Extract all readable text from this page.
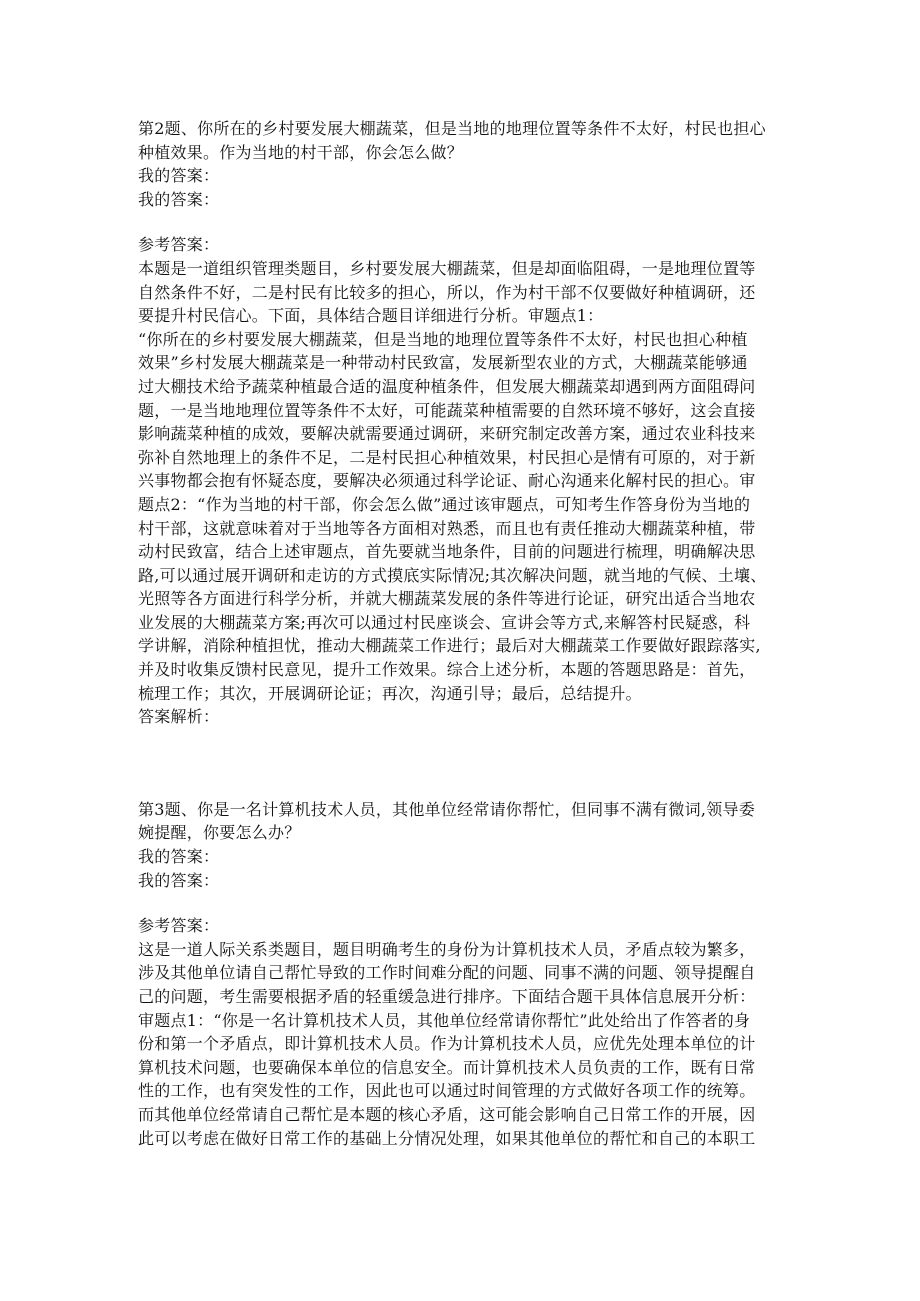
第2题、你所在的乡村要发展大棚蔬菜，但是当地的地理位置等条件不太好，村民也担心
种植效果。作为当地的村干部，你会怎么做？
我的答案：
我的答案：
参考答案：
本题是一道组织管理类题目，乡村要发展大棚蔬菜，但是却面临阻碍，一是地理位置等
自然条件不好，二是村民有比较多的担心，所以，作为村干部不仅要做好种植调研，还
要提升村民信心。下面，具体结合题目详细进行分析。审题点1：
“你所在的乡村要发展大棚蔬菜，但是当地的地理位置等条件不太好，村民也担心种植
效果”乡村发展大棚蔬菜是一种带动村民致富，发展新型农业的方式，大棚蔬菜能够通
过大棚技术给予蔬菜种植最合适的温度种植条件，但发展大棚蔬菜却遇到两方面阻碍问
题，一是当地地理位置等条件不太好，可能蔬菜种植需要的自然环境不够好，这会直接
影响蔬菜种植的成效，要解决就需要通过调研，来研究制定改善方案，通过农业科技来
弥补自然地理上的条件不足，二是村民担心种植效果，村民担心是情有可原的，对于新
兴事物都会抱有怀疑态度，要解决必须通过科学论证、耐心沟通来化解村民的担心。审
题点2：“作为当地的村干部，你会怎么做”通过该审题点，可知考生作答身份为当地的
村干部，这就意味着对于当地等各方面相对熟悉，而且也有责任推动大棚蔬菜种植，带
动村民致富，结合上述审题点，首先要就当地条件，目前的问题进行梳理，明确解决思
路,可以通过展开调研和走访的方式摸底实际情况;其次解决问题，就当地的气候、土壤、
光照等各方面进行科学分析，并就大棚蔬菜发展的条件等进行论证，研究出适合当地农
业发展的大棚蔬菜方案;再次可以通过村民座谈会、宣讲会等方式,来解答村民疑惑，科
学讲解，消除种植担忧，推动大棚蔬菜工作进行；最后对大棚蔬菜工作要做好跟踪落实,
并及时收集反馈村民意见，提升工作效果。综合上述分析，本题的答题思路是：首先，
梳理工作；其次，开展调研论证；再次，沟通引导；最后，总结提升。
答案解析：
第3题、你是一名计算机技术人员，其他单位经常请你帮忙，但同事不满有微词,领导委
婉提醒，你要怎么办？
我的答案：
我的答案：
参考答案：
这是一道人际关系类题目，题目明确考生的身份为计算机技术人员，矛盾点较为繁多，
涉及其他单位请自己帮忙导致的工作时间难分配的问题、同事不满的问题、领导提醒自
己的问题，考生需要根据矛盾的轻重缓急进行排序。下面结合题干具体信息展开分析：
审题点1：“你是一名计算机技术人员，其他单位经常请你帮忙”此处给出了作答者的身
份和第一个矛盾点，即计算机技术人员。作为计算机技术人员，应优先处理本单位的计
算机技术问题，也要确保本单位的信息安全。而计算机技术人员负责的工作，既有日常
性的工作，也有突发性的工作，因此也可以通过时间管理的方式做好各项工作的统筹。
而其他单位经常请自己帮忙是本题的核心矛盾，这可能会影响自己日常工作的开展，因
此可以考虑在做好日常工作的基础上分情况处理，如果其他单位的帮忙和自己的本职工
